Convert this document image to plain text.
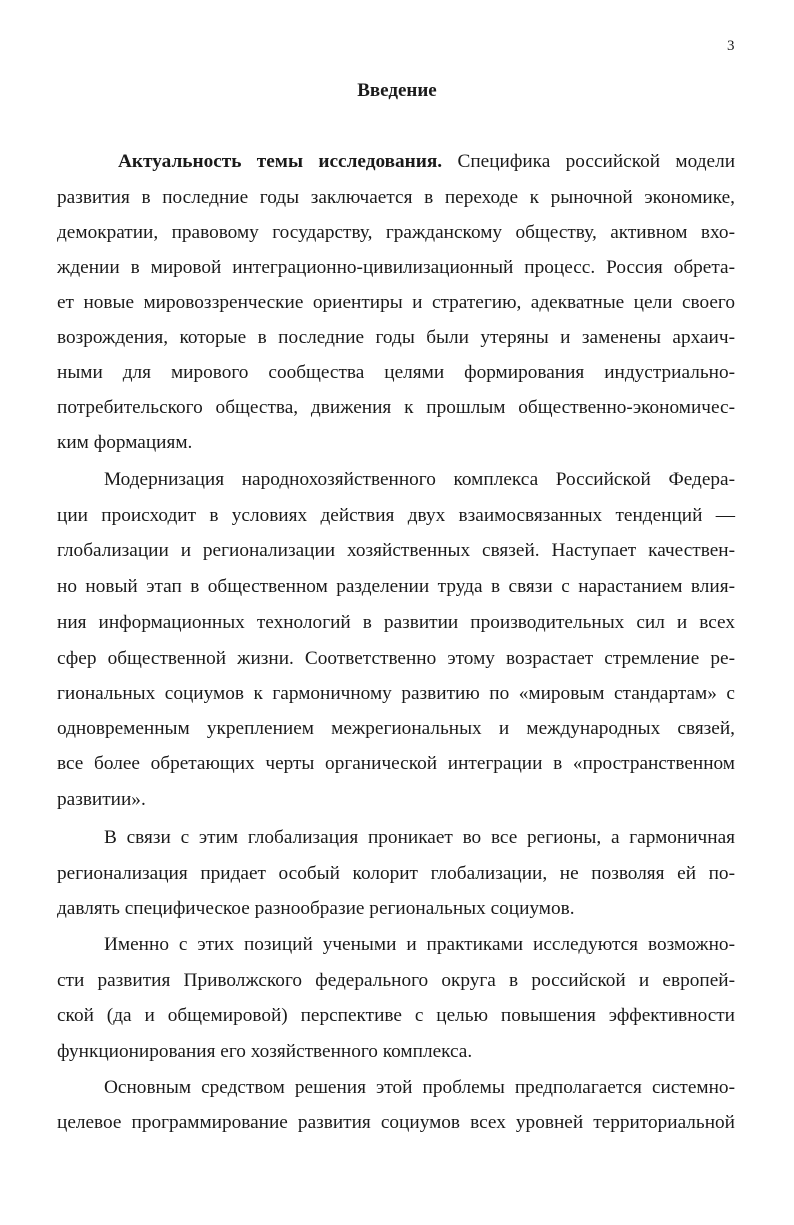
3
Введение
Актуальность темы исследования. Специфика российской модели
развития в последние годы заключается в переходе к рыночной экономике,
демократии, правовому государству, гражданскому обществу, активном вхо-
ждении в мировой интеграционно-цивилизационный процесс. Россия обрета-
ет новые мировоззренческие ориентиры и стратегию, адекватные цели своего
возрождения, которые в последние годы были утеряны и заменены архаич-
ными для мирового сообщества целями формирования индустриально-
потребительского общества, движения к прошлым общественно-экономичес-
ким формациям.
Модернизация народнохозяйственного комплекса Российской Федера-
ции происходит в условиях действия двух взаимосвязанных тенденций —
глобализации и регионализации хозяйственных связей. Наступает качествен-
но новый этап в общественном разделении труда в связи с нарастанием влия-
ния информационных технологий в развитии производительных сил и всех
сфер общественной жизни. Соответственно этому возрастает стремление ре-
гиональных социумов к гармоничному развитию по «мировым стандартам» с
одновременным укреплением межрегиональных и международных связей,
все более обретающих черты органической интеграции в «пространственном
развитии».
В связи с этим глобализация проникает во все регионы, а гармоничная
регионализация придает особый колорит глобализации, не позволяя ей по-
давлять специфическое разнообразие региональных социумов.
Именно с этих позиций учеными и практиками исследуются возможно-
сти развития Приволжского федерального округа в российской и европей-
ской (да и общемировой) перспективе с целью повышения эффективности
функционирования его хозяйственного комплекса.
Основным средством решения этой проблемы предполагается системно-
целевое программирование развития социумов всех уровней территориальной
